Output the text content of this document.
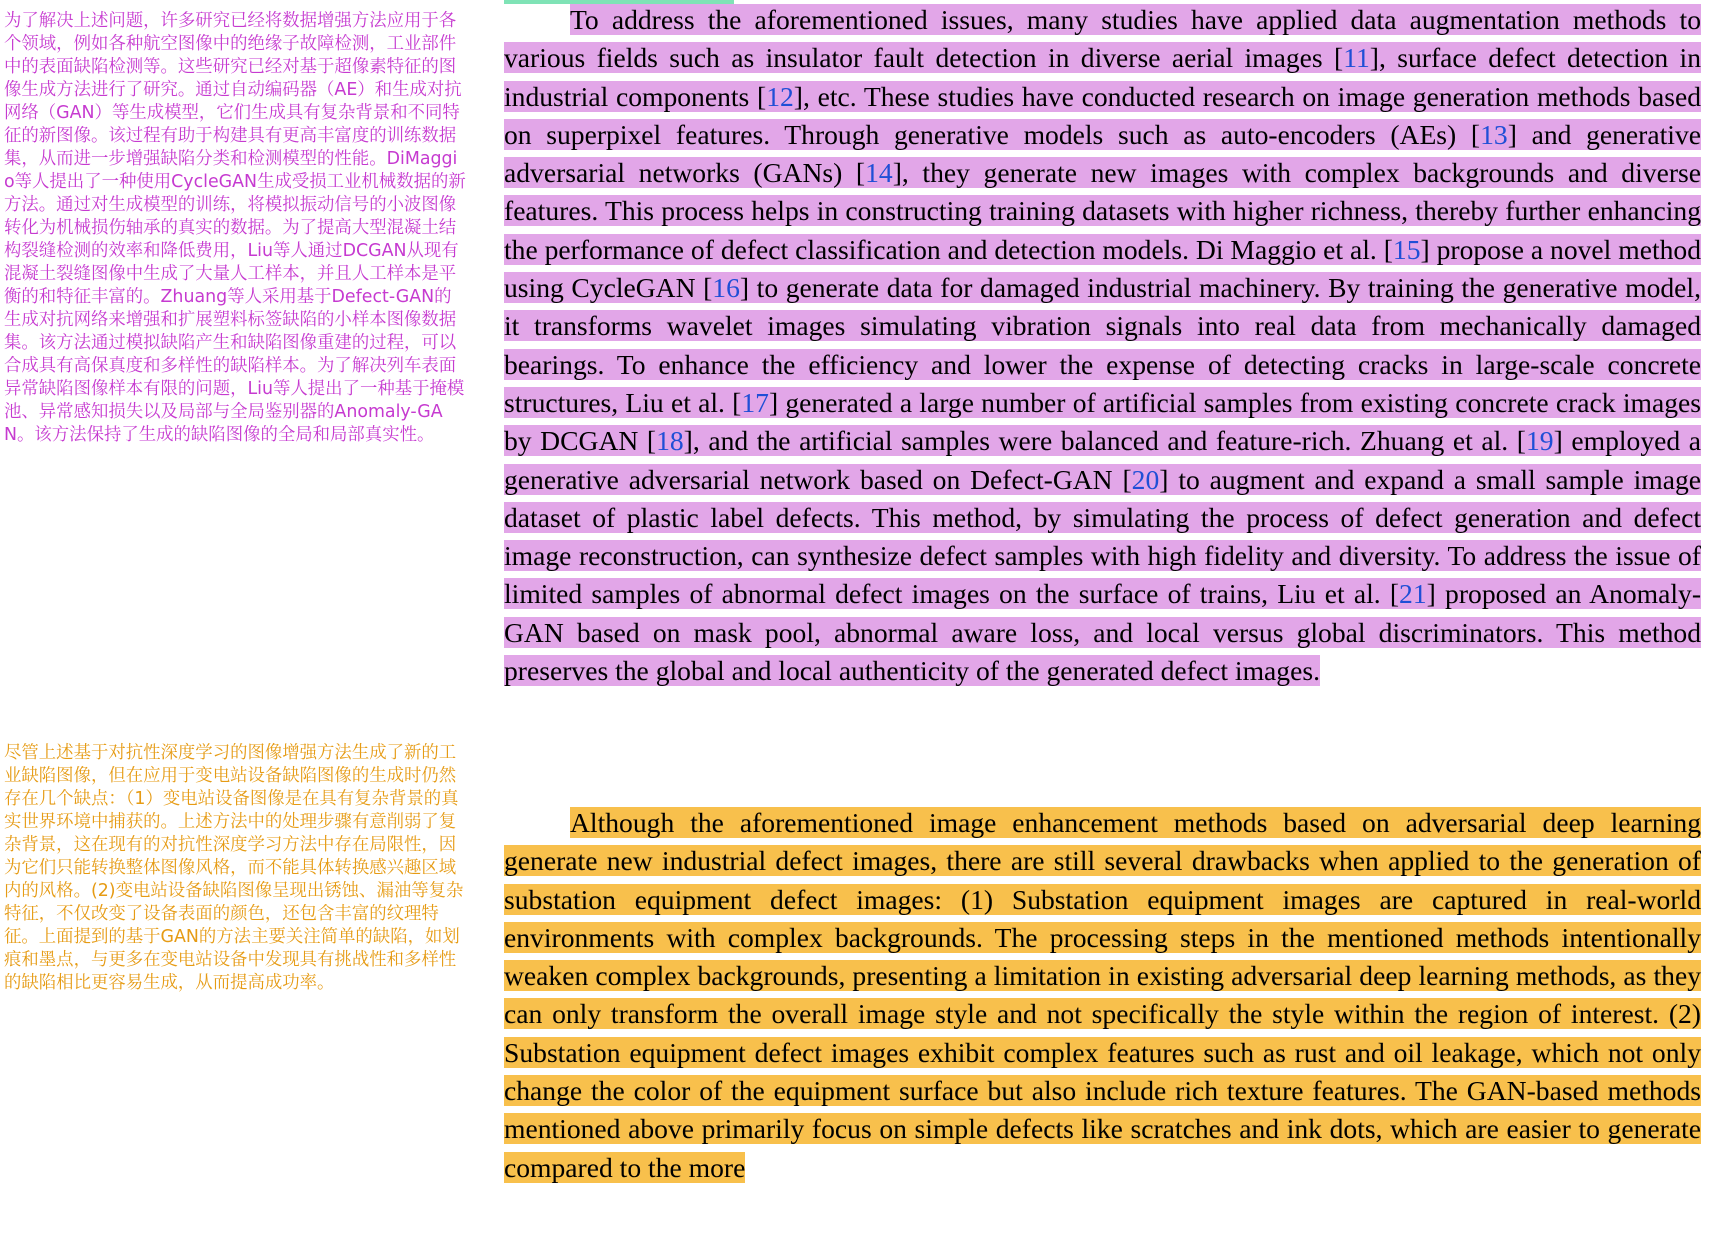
为了解决上述问题，许多研究已经将数据增强方法应用于各个领域，例如各种航空图像中的绝缘子故障检测，工业部件中的表面缺陷检测等。这些研究已经对基于超像素特征的图像生成方法进行了研究。通过自动编码器（AE）和生成对抗网络（GAN）等生成模型，它们生成具有复杂背景和不同特征的新图像。该过程有助于构建具有更高丰富度的训练数据集，从而进一步增强缺陷分类和检测模型的性能。DiMaggio等人提出了一种使用CycleGAN生成受损工业机械数据的新方法。通过对生成模型的训练，将模拟振动信号的小波图像转化为机械损伤轴承的真实的数据。为了提高大型混凝土结构裂缝检测的效率和降低费用，Liu等人通过DCGAN从现有混凝土裂缝图像中生成了大量人工样本，并且人工样本是平衡的和特征丰富的。Zhuang等人采用基于Defect-GAN的生成对抗网络来增强和扩展塑料标签缺陷的小样本图像数据集。该方法通过模拟缺陷产生和缺陷图像重建的过程，可以合成具有高保真度和多样性的缺陷样本。为了解决列车表面异常缺陷图像样本有限的问题，Liu等人提出了一种基于掩模池、异常感知损失以及局部与全局鉴别器的Anomaly-GAN。该方法保持了生成的缺陷图像的全局和局部真实性。

尽管上述基于对抗性深度学习的图像增强方法生成了新的工业缺陷图像，但在应用于变电站设备缺陷图像的生成时仍然存在几个缺点：（1）变电站设备图像是在具有复杂背景的真实世界环境中捕获的。上述方法中的处理步骤有意削弱了复杂背景，这在现有的对抗性深度学习方法中存在局限性，因为它们只能转换整体图像风格，而不能具体转换感兴趣区域内的风格。(2)变电站设备缺陷图像呈现出锈蚀、漏油等复杂特征，不仅改变了设备表面的颜色，还包含丰富的纹理特征。上面提到的基于GAN的方法主要关注简单的缺陷，如划痕和墨点，与更多在变电站设备中发现具有挑战性和多样性的缺陷相比更容易生成，从而提高成功率。

To address the aforementioned issues, many studies have applied data augmentation methods to various fields such as insulator fault detection in diverse aerial images [11], surface defect detection in industrial components [12], etc. These studies have conducted research on image generation methods based on superpixel features. Through generative models such as auto-encoders (AEs) [13] and generative adversarial networks (GANs) [14], they generate new images with complex backgrounds and diverse features. This process helps in constructing training datasets with higher richness, thereby further enhancing the performance of defect classification and detection models. Di Maggio et al. [15] propose a novel method using CycleGAN [16] to generate data for damaged industrial machinery. By training the generative model, it transforms wavelet images simulating vibration signals into real data from mechanically damaged bearings. To enhance the efficiency and lower the expense of detecting cracks in large-scale concrete structures, Liu et al. [17] generated a large number of artificial samples from existing concrete crack images by DCGAN [18], and the artificial samples were balanced and feature-rich. Zhuang et al. [19] employed a generative adversarial network based on Defect-GAN [20] to augment and expand a small sample image dataset of plastic label defects. This method, by simulating the process of defect generation and defect image reconstruction, can synthesize defect samples with high fidelity and diversity. To address the issue of limited samples of abnormal defect images on the surface of trains, Liu et al. [21] proposed an Anomaly-GAN based on mask pool, abnormal aware loss, and local versus global discriminators. This method preserves the global and local authenticity of the generated defect images.

Although the aforementioned image enhancement methods based on adversarial deep learning generate new industrial defect images, there are still several drawbacks when applied to the generation of substation equipment defect images: (1) Substation equipment images are captured in real-world environments with complex backgrounds. The processing steps in the mentioned methods intentionally weaken complex backgrounds, presenting a limitation in existing adversarial deep learning methods, as they can only transform the overall image style and not specifically the style within the region of interest. (2) Substation equipment defect images exhibit complex features such as rust and oil leakage, which not only change the color of the equipment surface but also include rich texture features. The GAN-based methods mentioned above primarily focus on simple defects like scratches and ink dots, which are easier to generate compared to the more
